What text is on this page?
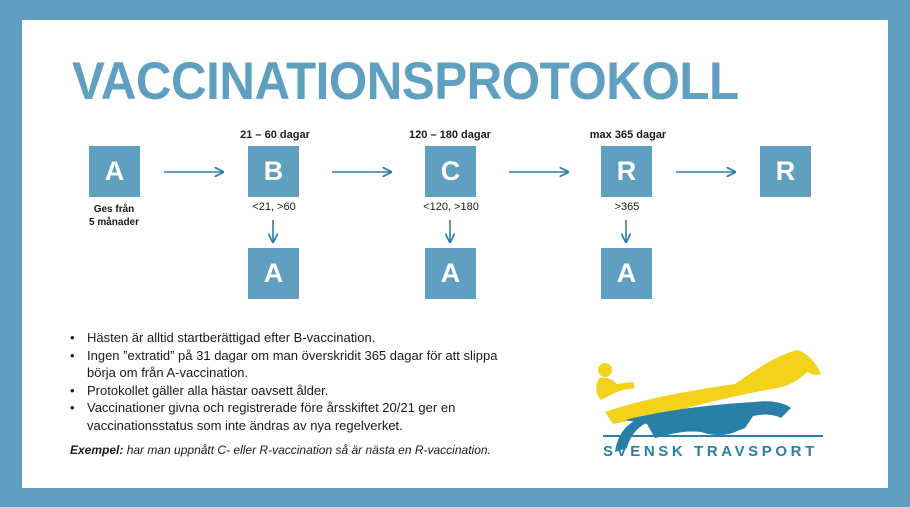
VACCINATIONSPROTOKOLL
21 – 60 dagar	120 – 180 dagar	max 365 dagar
A	B	C	R	R
Ges från
5 månader
<21, >60	<120, >180	>365
A	A	A
• Hästen är alltid startberättigad efter B-vaccination.
• Ingen ”extratid” på 31 dagar om man överskridit 365 dagar för att slippa börja om från A-vaccination.
• Protokollet gäller alla hästar oavsett ålder.
• Vaccinationer givna och registrerade före årsskiftet 20/21 ger en vaccinationsstatus som inte ändras av nya regelverket.
Exempel: har man uppnått C- eller R-vaccination så är nästa en R-vaccination.	SVENSK TRAVSPORT
